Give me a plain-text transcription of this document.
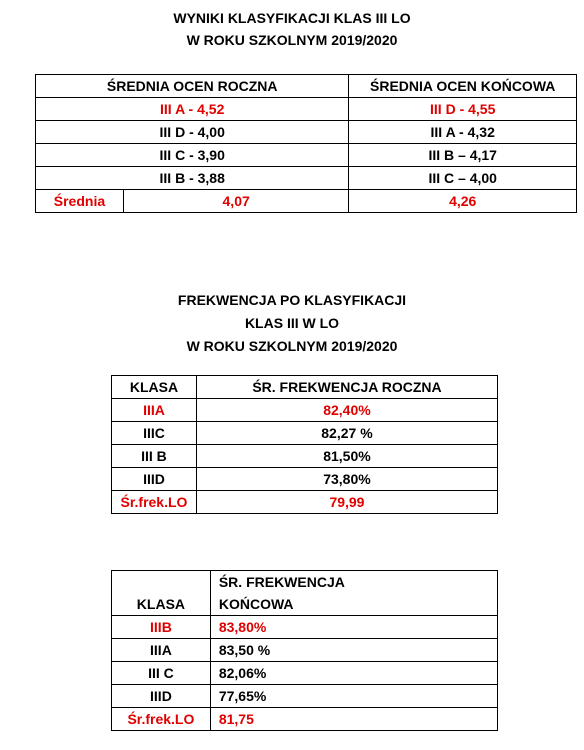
WYNIKI KLASYFIKACJI KLAS III LO
W ROKU SZKOLNYM 2019/2020
ŚREDNIA OCEN ROCZNA		ŚREDNIA OCEN KOŃCOWA
III A - 4,52		III D - 4,55
III D - 4,00		III A - 4,32
III C - 3,90		III B – 4,17
III B - 3,88		III C – 4,00
Średnia	4,07	4,26
FREKWENCJA PO KLASYFIKACJI
KLAS III W LO
W ROKU SZKOLNYM 2019/2020
KLASA	ŚR. FREKWENCJA ROCZNA
IIIA	82,40%
IIIC	82,27 %
III B	81,50%
IIID	73,80%
Śr.frek.LO	79,99
KLASA	ŚR. FREKWENCJA
KOŃCOWA

IIIB	83,80%
IIIA	83,50 %
III C	82,06%
IIID	77,65%
Śr.frek.LO	81,75
